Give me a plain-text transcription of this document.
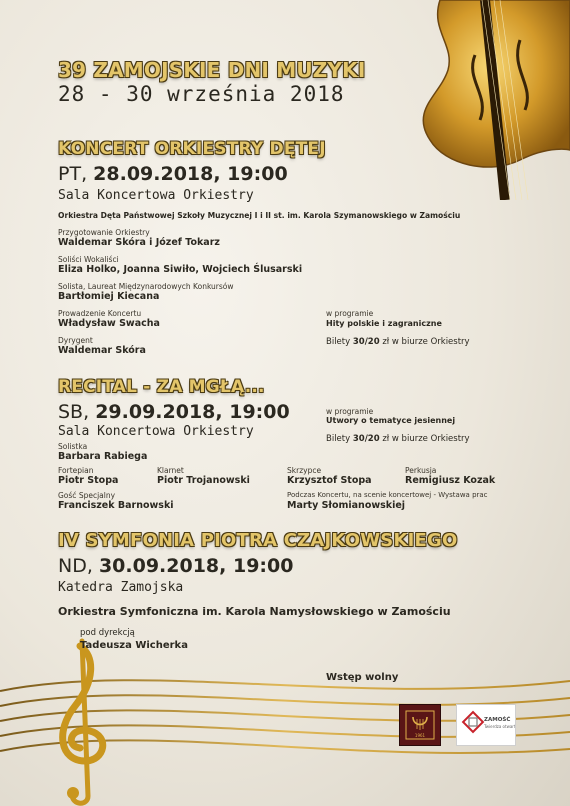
39 ZAMOJSKIE DNI MUZYKI
28 - 30 września 2018
KONCERT ORKIESTRY DĘTEJ
PT, 28.09.2018, 19:00
Sala Koncertowa Orkiestry
Orkiestra Dęta Państwowej Szkoły Muzycznej I i II st. im. Karola Szymanowskiego w Zamościu
Przygotowanie Orkiestry
Waldemar Skóra i Józef Tokarz
Soliści Wokaliści
Eliza Holko, Joanna Siwiło, Wojciech Ślusarski
Solista, Laureat Międzynarodowych Konkursów
Bartłomiej Kiecana
Prowadzenie Koncertu
Władysław Swacha
Dyrygent
Waldemar Skóra
w programie
Hity polskie i zagraniczne
Bilety 30/20 zł w biurze Orkiestry
RECITAL - ZA MGŁĄ...
SB, 29.09.2018, 19:00
Sala Koncertowa Orkiestry
w programie
Utwory o tematyce jesiennej
Bilety 30/20 zł w biurze Orkiestry
Solistka
Barbara Rabiega
Fortepian
Piotr Stopa
Klarnet
Piotr Trojanowski
Skrzypce
Krzysztof Stopa
Perkusja
Remigiusz Kozak
Gość Specjalny
Franciszek Barnowski
Podczas Koncertu, na scenie koncertowej - Wystawa prac
Marty Słomianowskiej
IV SYMFONIA PIOTRA CZAJKOWSKIEGO
ND, 30.09.2018, 19:00
Katedra Zamojska
Orkiestra Symfoniczna im. Karola Namysłowskiego w Zamościu
pod dyrekcją
Tadeusza Wicherka
Wstęp wolny
1961
ZAMOŚĆ
Twierdza otwarta
